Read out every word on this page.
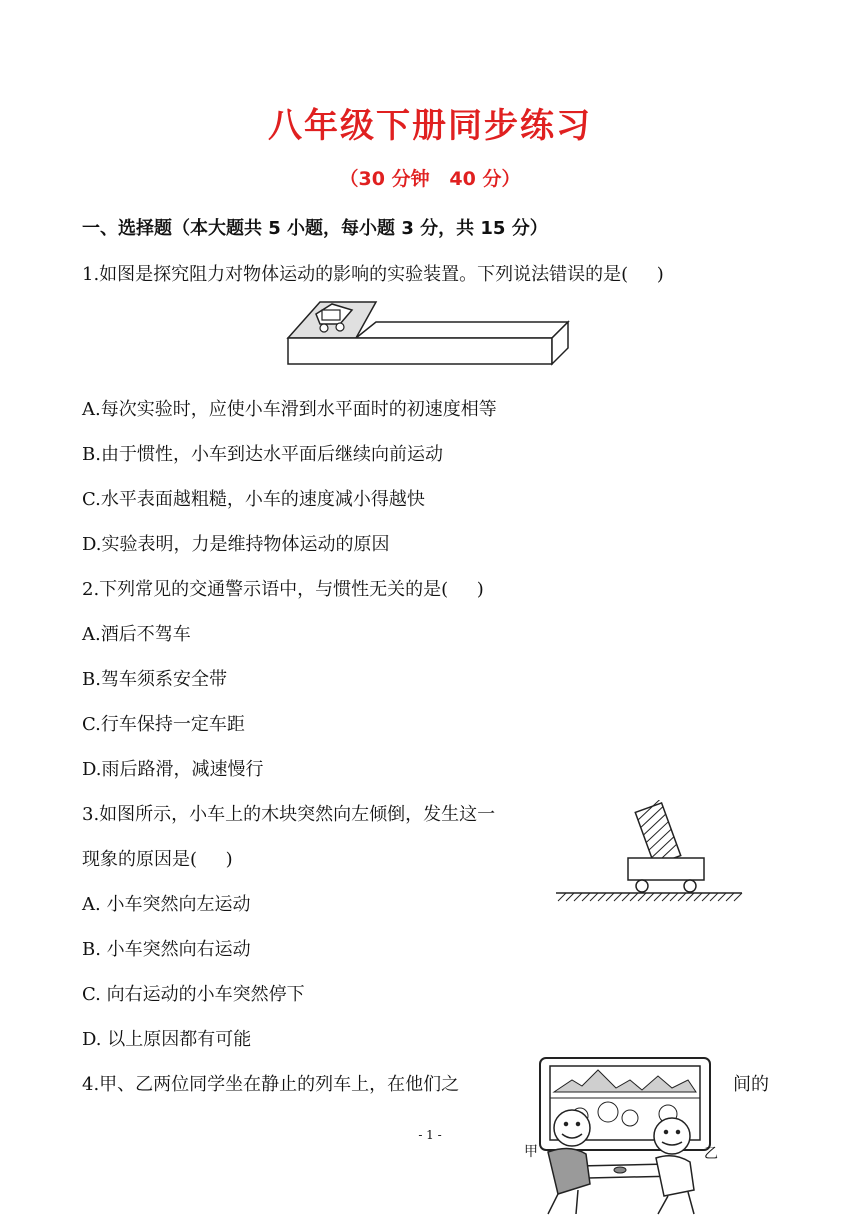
八年级下册同步练习
（30 分钟   40 分）
一、选择题（本大题共 5 小题，每小题 3 分，共 15 分）
1.如图是探究阻力对物体运动的影响的实验装置。下列说法错误的是(     )
A.每次实验时，应使小车滑到水平面时的初速度相等
B.由于惯性，小车到达水平面后继续向前运动
C.水平表面越粗糙，小车的速度减小得越快
D.实验表明，力是维持物体运动的原因
2.下列常见的交通警示语中，与惯性无关的是(     )
A.酒后不驾车
B.驾车须系安全带
C.行车保持一定车距
D.雨后路滑，减速慢行
3.如图所示，小车上的木块突然向左倾倒，发生这一
现象的原因是(     )
A. 小车突然向左运动
B. 小车突然向右运动
C. 向右运动的小车突然停下
D. 以上原因都有可能
4.甲、乙两位同学坐在静止的列车上，在他们之	间的
甲	乙
- 1 -
